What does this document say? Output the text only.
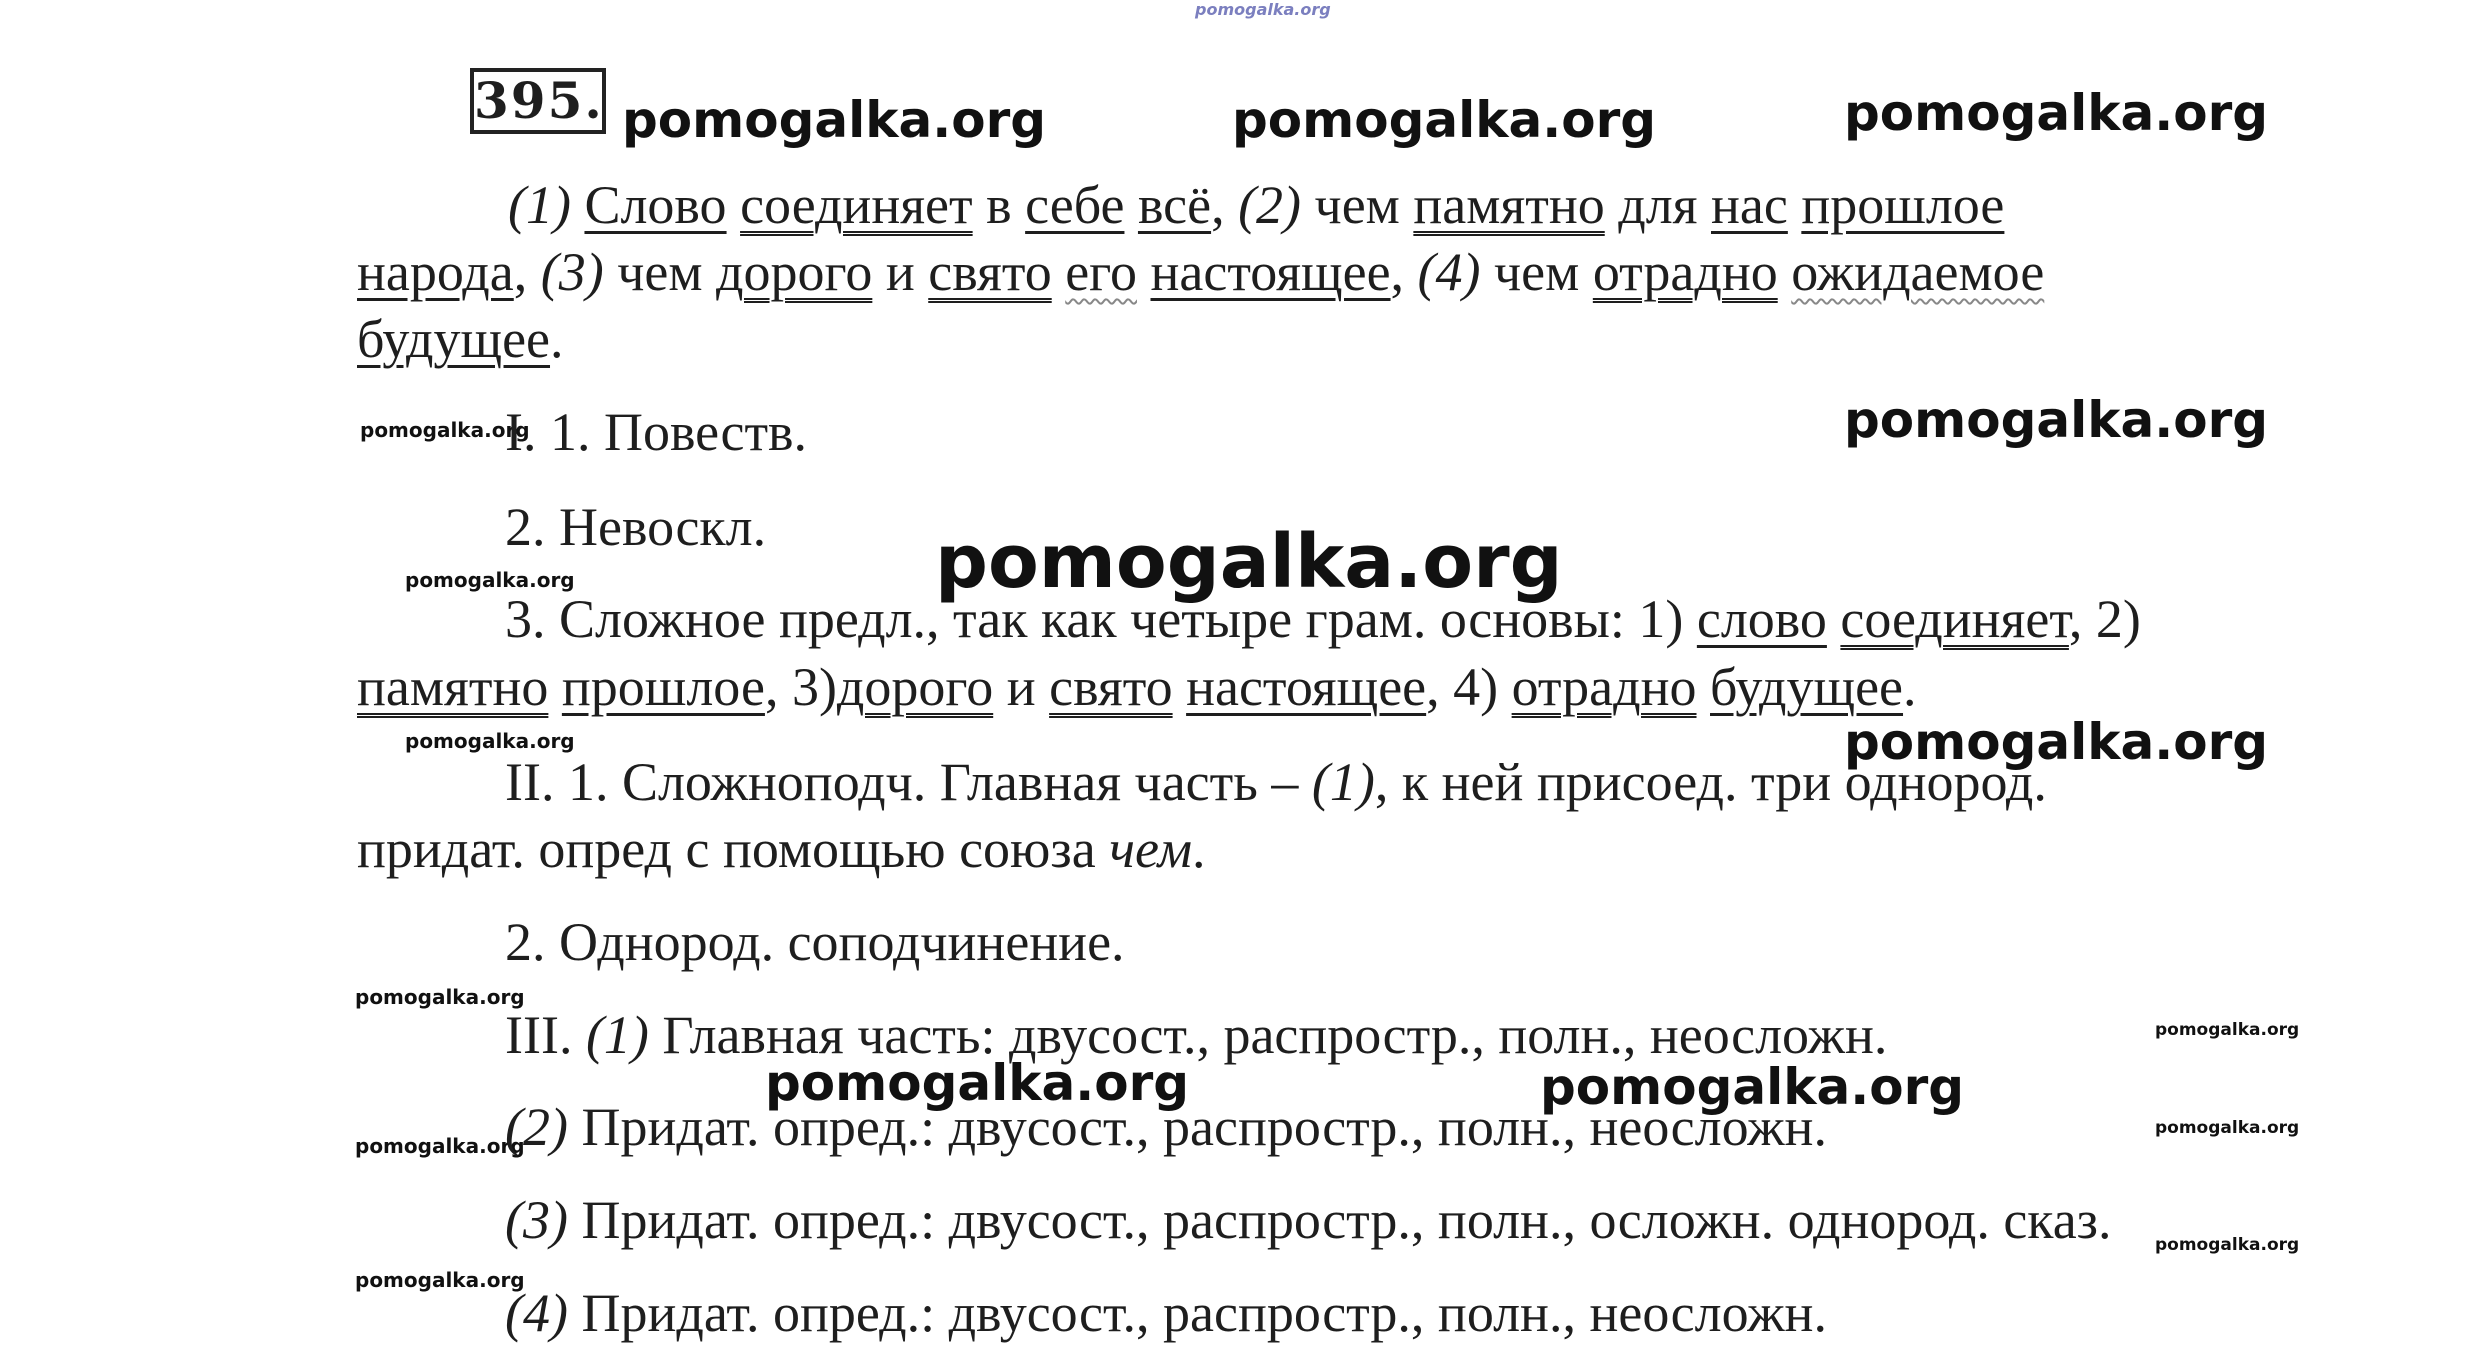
pomogalka.org
pomogalka.org	pomogalka.org	pomogalka.org
pomogalka.org
pomogalka.org
pomogalka.org	pomogalka.org
pomogalka.org
pomogalka.org
pomogalka.org
pomogalka.org
pomogalka.org
pomogalka.org
pomogalka.org
pomogalka.org
pomogalka.org
395.
(1) Слово соединяет в себе всё, (2) чем памятно для нас прошлое
народа, (3) чем дорого и свято его настоящее, (4) чем отрадно ожидаемое
будущее.
I. 1. Повеств.
2. Невоскл.
3. Сложное предл., так как четыре грам. основы: 1) слово соединяет, 2)
памятно прошлое, 3)дорого и свято настоящее, 4) отрадно будущее.
II. 1. Сложноподч. Главная часть – (1), к ней присоед. три однород.
придат. опред с помощью союза чем.
2. Однород. соподчинение.
III. (1) Главная часть: двусост., распростр., полн., неосложн.
(2) Придат. опред.: двусост., распростр., полн., неосложн.
(3) Придат. опред.: двусост., распростр., полн., осложн. однород. сказ.
(4) Придат. опред.: двусост., распростр., полн., неосложн.
pomogalka.org
